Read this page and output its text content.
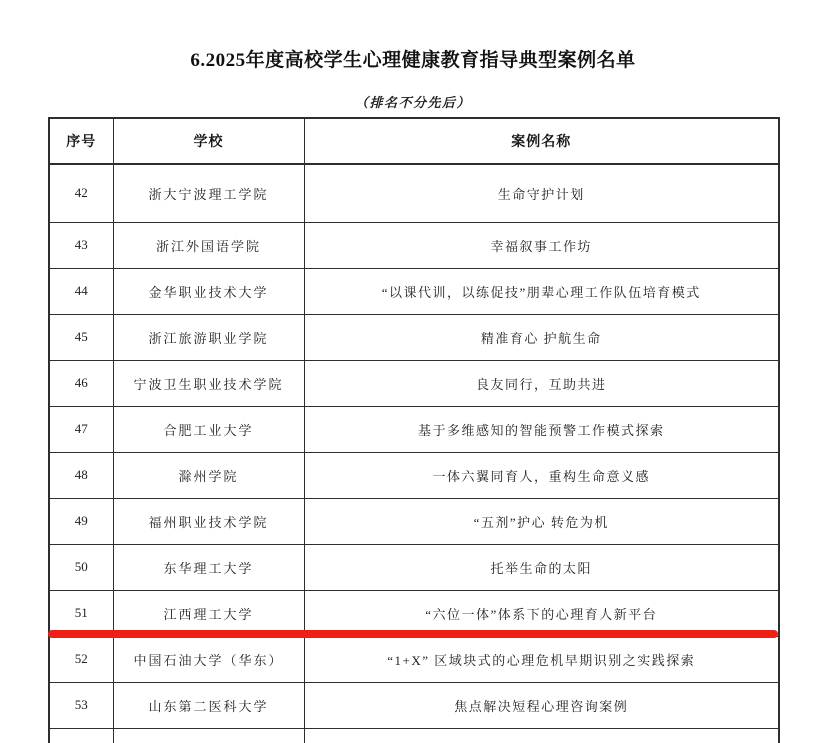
6.2025年度高校学生心理健康教育指导典型案例名单
（排名不分先后）
序号	学校	案例名称
42	浙大宁波理工学院	生命守护计划
43	浙江外国语学院	幸福叙事工作坊
44	金华职业技术大学	“以课代训，以练促技”朋辈心理工作队伍培育模式
45	浙江旅游职业学院	精准育心 护航生命
46	宁波卫生职业技术学院	良友同行，互助共进
47	合肥工业大学	基于多维感知的智能预警工作模式探索
48	滁州学院	一体六翼同育人，重构生命意义感
49	福州职业技术学院	“五剂”护心 转危为机
50	东华理工大学	托举生命的太阳
51	江西理工大学	“六位一体”体系下的心理育人新平台
52	中国石油大学（华东）	“1+X” 区域块式的心理危机早期识别之实践探索
53	山东第二医科大学	焦点解决短程心理咨询案例
